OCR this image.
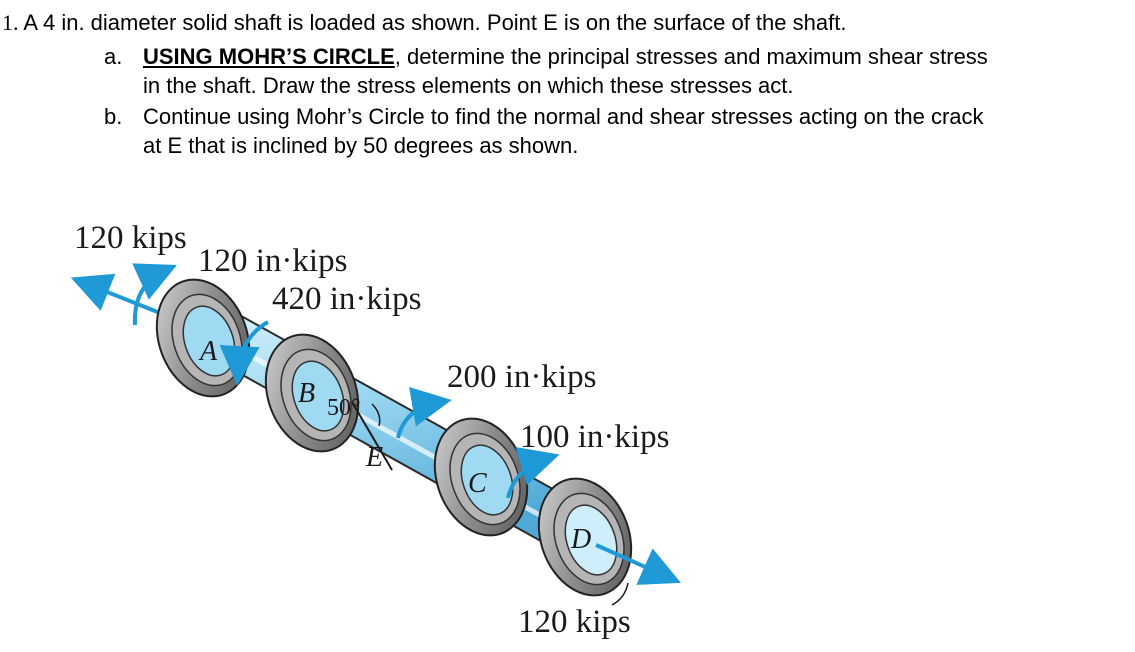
1. A 4 in. diameter solid shaft is loaded as shown. Point E is on the surface of the shaft.
a. USING MOHR’S CIRCLE, determine the principal stresses and maximum shear stress
in the shaft. Draw the stress elements on which these stresses act.
b. Continue using Mohr’s Circle to find the normal and shear stresses acting on the crack
at E that is inclined by 50 degrees as shown.
120 kips
120 in·kips
420 in·kips
200 in·kips
100 in·kips
120 kips
A
B 50°
E
C
D
